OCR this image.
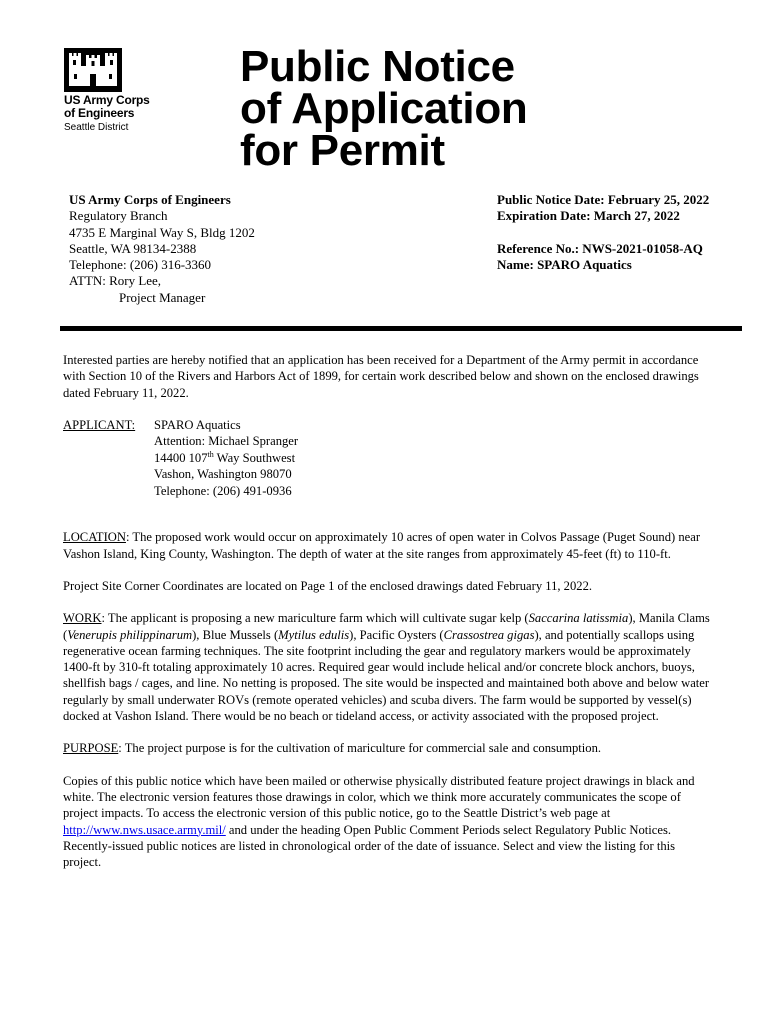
US Army Corps
of Engineers
Seattle District
Public Notice
of Application
for Permit
US Army Corps of Engineers
Regulatory Branch
4735 E Marginal Way S, Bldg 1202
Seattle, WA 98134-2388
Telephone: (206) 316-3360
ATTN: Rory Lee,
Project Manager
Public Notice Date: February 25, 2022
Expiration Date: March 27, 2022
Reference No.: NWS-2021-01058-AQ
Name: SPARO Aquatics

Interested parties are hereby notified that an application has been received for a Department of the Army permit in accordance with Section 10 of the Rivers and Harbors Act of 1899, for certain work described below and shown on the enclosed drawings dated February 11, 2022.

APPLICANT:	SPARO Aquatics
Attention: Michael Spranger
14400 107th Way Southwest
Vashon, Washington 98070
Telephone: (206) 491-0936

LOCATION: The proposed work would occur on approximately 10 acres of open water in Colvos Passage (Puget Sound) near Vashon Island, King County, Washington. The depth of water at the site ranges from approximately 45-feet (ft) to 110-ft.

Project Site Corner Coordinates are located on Page 1 of the enclosed drawings dated February 11, 2022.

WORK: The applicant is proposing a new mariculture farm which will cultivate sugar kelp (Saccarina latissmia), Manila Clams (Venerupis philippinarum), Blue Mussels (Mytilus edulis), Pacific Oysters (Crassostrea gigas), and potentially scallops using regenerative ocean farming techniques. The site footprint including the gear and regulatory markers would be approximately 1400-ft by 310-ft totaling approximately 10 acres. Required gear would include helical and/or concrete block anchors, buoys, shellfish bags / cages, and line. No netting is proposed. The site would be inspected and maintained both above and below water regularly by small underwater ROVs (remote operated vehicles) and scuba divers. The farm would be supported by vessel(s) docked at Vashon Island. There would be no beach or tideland access, or activity associated with the proposed project.

PURPOSE: The project purpose is for the cultivation of mariculture for commercial sale and consumption.

Copies of this public notice which have been mailed or otherwise physically distributed feature project drawings in black and white. The electronic version features those drawings in color, which we think more accurately communicates the scope of project impacts. To access the electronic version of this public notice, go to the Seattle District’s web page at http://www.nws.usace.army.mil/ and under the heading Open Public Comment Periods select Regulatory Public Notices. Recently-issued public notices are listed in chronological order of the date of issuance. Select and view the listing for this project.
